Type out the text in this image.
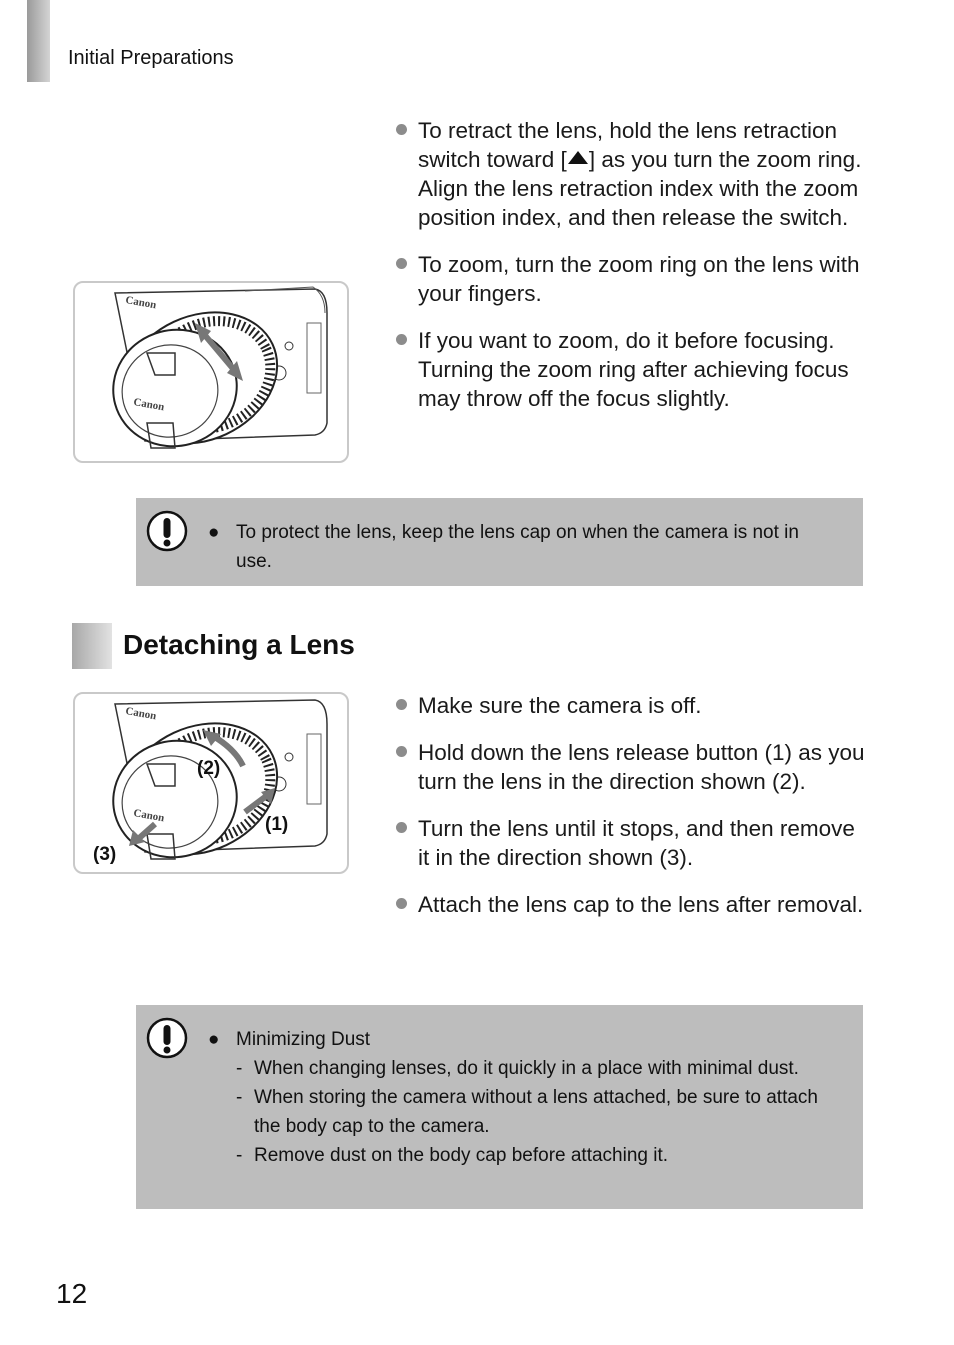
Initial Preparations
Canon
Canon
To retract the lens, hold the lens retraction switch toward [ ] as you turn the zoom ring. Align the lens retraction index with the zoom position index, and then release the switch.
To zoom, turn the zoom ring on the lens with your fingers.
If you want to zoom, do it before focusing. Turning the zoom ring after achieving focus may throw off the focus slightly.
● To protect the lens, keep the lens cap on when the camera is not in use.
Detaching a Lens
Canon
Canon	(1)
(2)
(3)
Make sure the camera is off.
Hold down the lens release button (1) as you turn the lens in the direction shown (2).
Turn the lens until it stops, and then remove it in the direction shown (3).
Attach the lens cap to the lens after removal.
● Minimizing Dust
- When changing lenses, do it quickly in a place with minimal dust.
- When storing the camera without a lens attached, be sure to attach the body cap to the camera.
- Remove dust on the body cap before attaching it.
12
